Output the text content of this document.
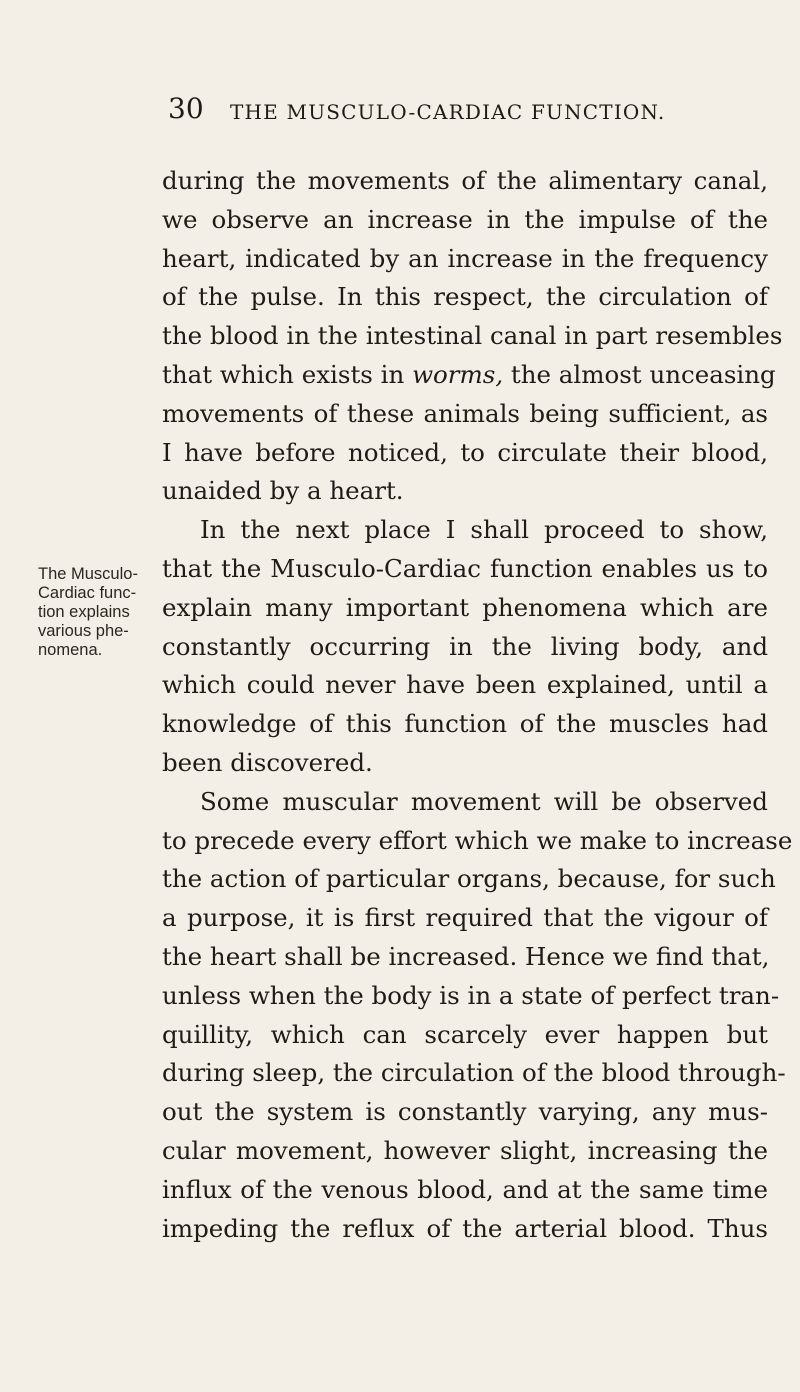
30 THE MUSCULO-CARDIAC FUNCTION.
The Musculo-
Cardiac func-
tion explains
various phe-
nomena.
during the movements of the alimentary canal,
we observe an increase in the impulse of the
heart, indicated by an increase in the frequency
of the pulse. In this respect, the circulation of
the blood in the intestinal canal in part resembles
that which exists in worms, the almost unceasing
movements of these animals being sufficient, as
I have before noticed, to circulate their blood,
unaided by a heart.
In the next place I shall proceed to show,
that the Musculo-Cardiac function enables us to
explain many important phenomena which are
constantly occurring in the living body, and
which could never have been explained, until a
knowledge of this function of the muscles had
been discovered.
Some muscular movement will be observed
to precede every effort which we make to increase
the action of particular organs, because, for such
a purpose, it is first required that the vigour of
the heart shall be increased. Hence we find that,
unless when the body is in a state of perfect tran-
quillity, which can scarcely ever happen but
during sleep, the circulation of the blood through-
out the system is constantly varying, any mus-
cular movement, however slight, increasing the
influx of the venous blood, and at the same time
impeding the reflux of the arterial blood. Thus
